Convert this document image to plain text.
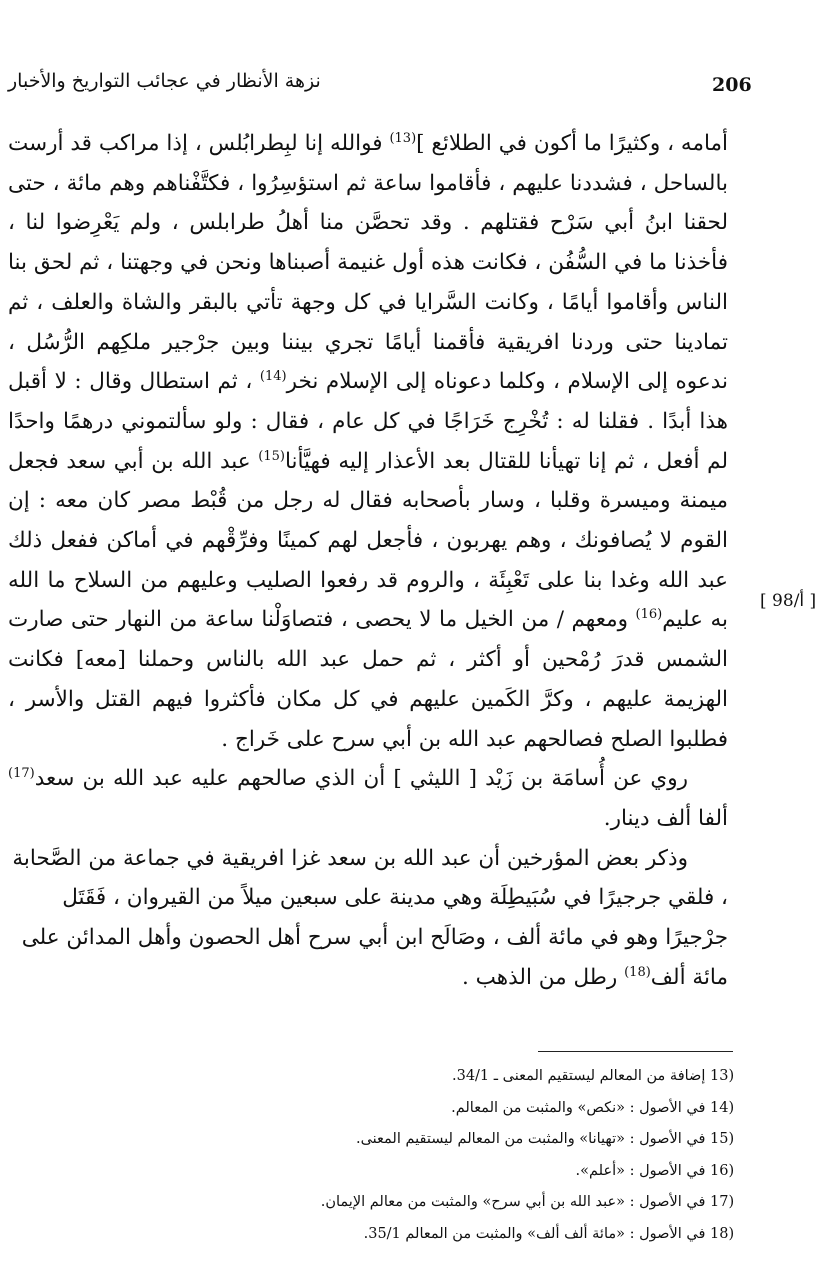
نزهة الأنظار في عجائب التواريخ والأخبار	206

أمامه ، وكثيرًا ما أكون في الطلائع ]$^{(13)}$ فوالله إنا لبِطرابُلس ، إذا مراكب قد أرست بالساحل ، فشددنا عليهم ، فأقاموا ساعة ثم استؤسِرُوا ، فكتَّفْناهم وهم مائة ، حتى لحقنا ابنُ أبي سَرْح فقتلهم . وقد تحصَّن منا أهلُ طرابلس ، ولم يَعْرِضوا لنا ، فأخذنا ما في السُّفُن ، فكانت هذه أول غنيمة أصبناها ونحن في وجهتنا ، ثم لحق بنا الناس وأقاموا أيامًا ، وكانت السَّرايا في كل وجهة تأتي بالبقر والشاة والعلف ، ثم تمادينا حتى وردنا افريقية فأقمنا أيامًا تجري بيننا وبين جرْجير ملكِهم الرُّسُل ، ندعوه إلى الإسلام ، وكلما دعوناه إلى الإسلام نخر$^{(14)}$ ، ثم استطال وقال : لا أقبل هذا أبدًا . فقلنا له : تُخْرِج خَرَاجًا في كل عام ، فقال : ولو سألتموني درهمًا واحدًا لم أفعل ، ثم إنا تهيأنا للقتال بعد الأعذار إليه فهيَّأنا$^{(15)}$ عبد الله بن أبي سعد فجعل ميمنة وميسرة وقلبا ، وسار بأصحابه فقال له رجل من قُبْط مصر كان معه : إن القوم لا يُصافونك ، وهم يهربون ، فأجعل لهم كمينًا وفرِّقْهم في أماكن ففعل ذلك عبد الله وغدا بنا على تَعْبِئَة ، والروم قد رفعوا الصليب وعليهم من السلاح ما الله به عليم$^{(16)}$ ومعهم / من الخيل ما لا يحصى ، فتصاوَلْنا ساعة من النهار حتى صارت الشمس قدرَ رُمْحين أو أكثر ، ثم حمل عبد الله بالناس وحملنا [معه] فكانت الهزيمة عليهم ، وكرَّ الكَمين عليهم في كل مكان فأكثروا فيهم القتل والأسر ، فطلبوا الصلح فصالحهم عبد الله بن أبي سرح على خَراج .

روي عن أُسامَة بن زَيْد [ الليثي ] أن الذي صالحهم عليه عبد الله بن سعد$^{(17)}$ ألفا ألف دينار.

وذكر بعض المؤرخين أن عبد الله بن سعد غزا افريقية في جماعة من الصَّحابة ، فلقي جرجيرًا في سُبَيطِلَة وهي مدينة على سبعين ميلاً من القيروان ، فَقَتَل جرْجيرًا وهو في مائة ألف ، وصَالَح ابن أبي سرح أهل الحصون وأهل المدائن على مائة ألف$^{(18)}$ رطل من الذهب .

[ أ/98 ]
13) إضافة من المعالم ليستقيم المعنى ـ 34/1.
14) في الأصول : «نكص» والمثبت من المعالم.
15) في الأصول : «تهيانا» والمثبت من المعالم ليستقيم المعنى.
16) في الأصول : «أعلم».
17) في الأصول : «عبد الله بن أبي سرح» والمثبت من معالم الإيمان.
18) في الأصول : «مائة ألف ألف» والمثبت من المعالم 35/1.
